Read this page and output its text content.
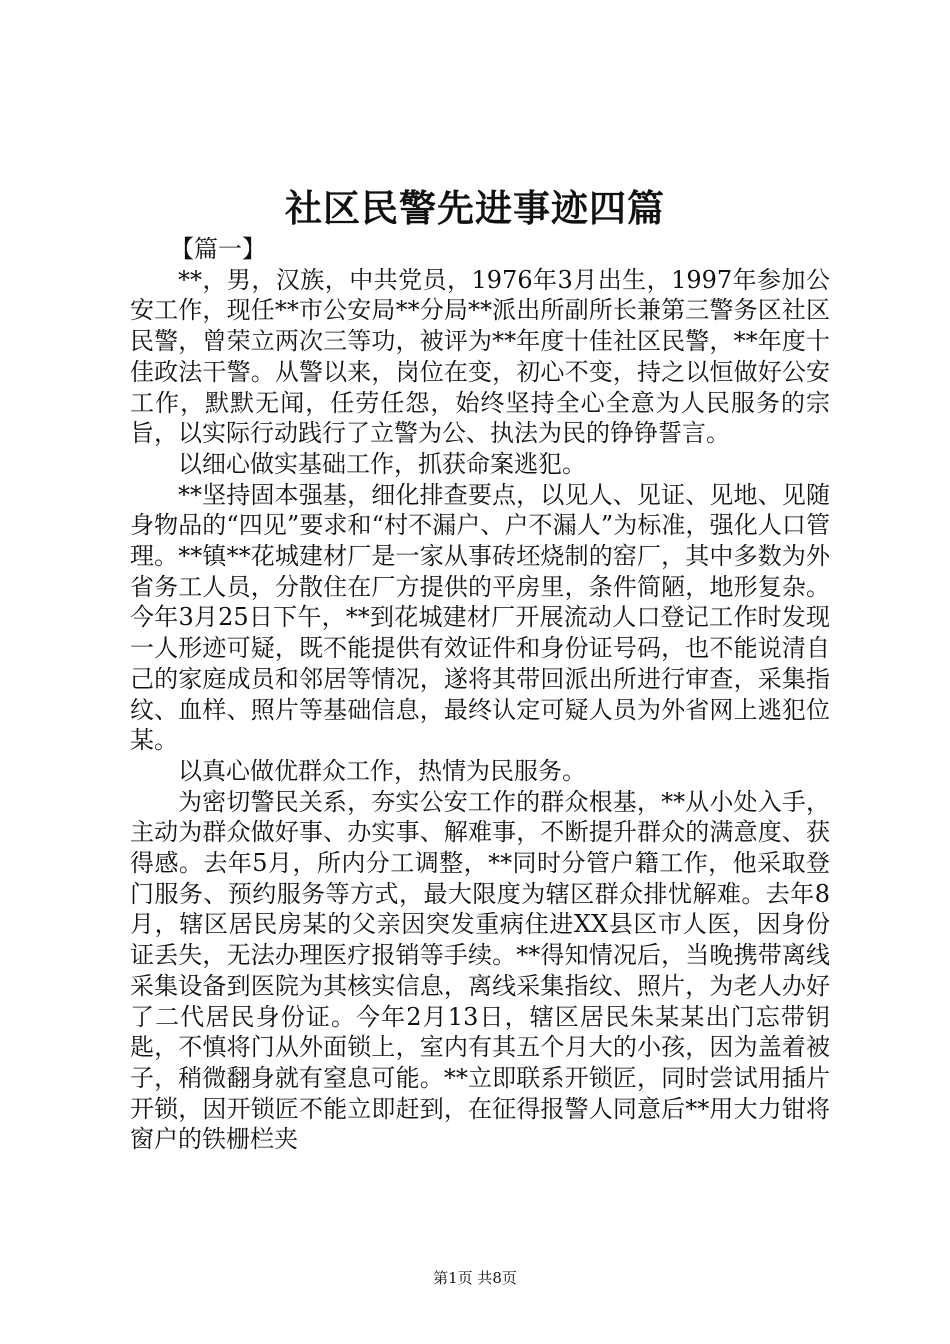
社区民警先进事迹四篇

【篇一】

**，男，汉族，中共党员，1976年3月出生，1997年参加公安工作，现任**市公安局**分局**派出所副所长兼第三警务区社区民警，曾荣立两次三等功，被评为**年度十佳社区民警，**年度十佳政法干警。从警以来，岗位在变，初心不变，持之以恒做好公安工作，默默无闻，任劳任怨，始终坚持全心全意为人民服务的宗旨，以实际行动践行了立警为公、执法为民的铮铮誓言。

以细心做实基础工作，抓获命案逃犯。

**坚持固本强基，细化排查要点，以见人、见证、见地、见随身物品的“四见”要求和“村不漏户、户不漏人”为标准，强化人口管理。**镇**花城建材厂是一家从事砖坯烧制的窑厂，其中多数为外省务工人员，分散住在厂方提供的平房里，条件简陋，地形复杂。今年3月25日下午，**到花城建材厂开展流动人口登记工作时发现一人形迹可疑，既不能提供有效证件和身份证号码，也不能说清自己的家庭成员和邻居等情况，遂将其带回派出所进行审查，采集指纹、血样、照片等基础信息，最终认定可疑人员为外省网上逃犯位某。

以真心做优群众工作，热情为民服务。

为密切警民关系，夯实公安工作的群众根基，**从小处入手，主动为群众做好事、办实事、解难事，不断提升群众的满意度、获得感。去年5月，所内分工调整，**同时分管户籍工作，他采取登门服务、预约服务等方式，最大限度为辖区群众排忧解难。去年8月，辖区居民房某的父亲因突发重病住进XX县区市人医，因身份证丢失，无法办理医疗报销等手续。**得知情况后，当晚携带离线采集设备到医院为其核实信息，离线采集指纹、照片，为老人办好了二代居民身份证。今年2月13日，辖区居民朱某某出门忘带钥匙，不慎将门从外面锁上，室内有其五个月大的小孩，因为盖着被子，稍微翻身就有窒息可能。**立即联系开锁匠，同时尝试用插片开锁，因开锁匠不能立即赶到，在征得报警人同意后**用大力钳将窗户的铁栅栏夹

第1页 共8页
